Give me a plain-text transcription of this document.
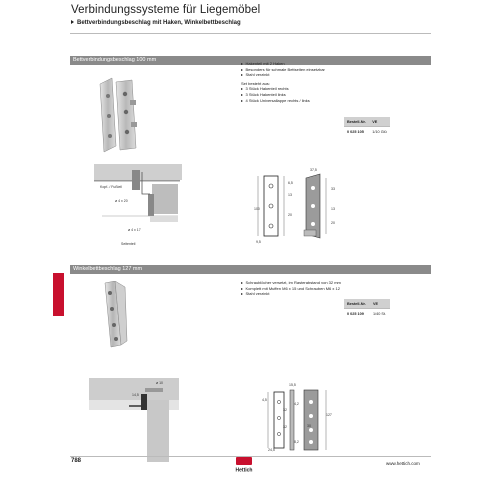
Verbindungssysteme für Liegemöbel
Bettverbindungsbeschlag mit Haken, Winkelbettbeschlag
Bettverbindungsbeschlag 100 mm
Hakenteil mit 2 Haken
Besonders für schmale Bettseiten einsetzbar
Stahl verzinkt
Set besteht aus:
3 Stück Hakenteil rechts
3 Stück Hakenteil links
4 Stück Universallappe rechts / links
Bestell-Nr.	VE
0 025 105	1/10 Glü
Kopf- / Fußteil
ø 4 x 20
ø 4 x 17
Seitenteil
37,5
6,5
13
20
100
33
13
20
9,5
Winkelbettbeschlag 127 mm
Schraublöcher versetzt, im Rasterabstand von 32 mm
Komplett mit Muffen M6 x 15 und Schrauben M6 x 12
Stahl verzinkt
Bestell-Nr.	VE
0 025 109	1/40 St.
ø 10
14,5
15,5
4,5
32
32
127
4,2
30
8,2
24,5
788
Hettich
www.hettich.com
